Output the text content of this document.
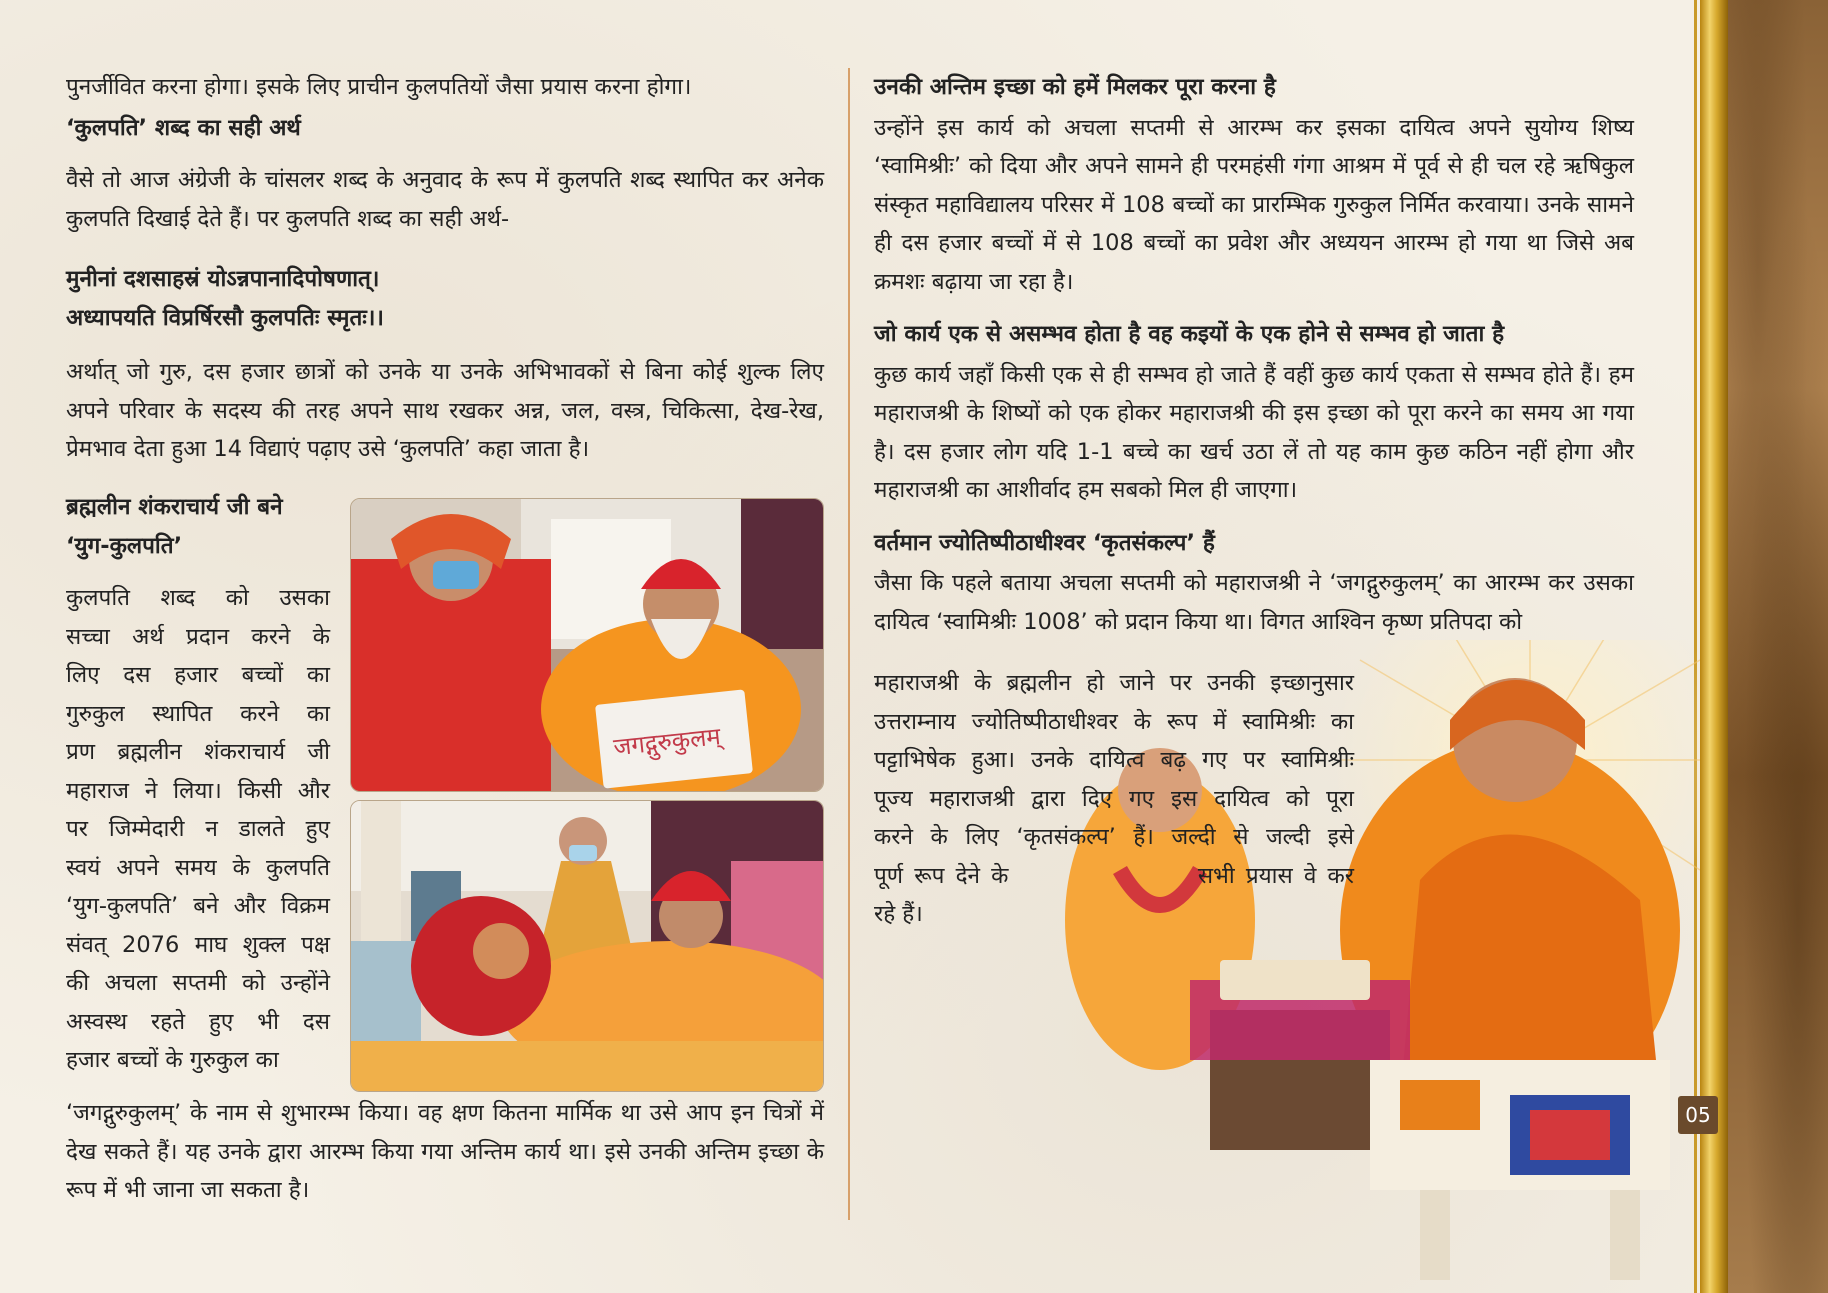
पुनर्जीवित करना होगा। इसके लिए प्राचीन कुलपतियों जैसा प्रयास करना होगा।

‘कुलपति’ शब्द का सही अर्थ

वैसे तो आज अंग्रेजी के चांसलर शब्द के अनुवाद के रूप में कुलपति शब्द स्थापित कर अनेक कुलपति दिखाई देते हैं। पर कुलपति शब्द का सही अर्थ-

मुनीनां दशसाहस्रं योऽन्नपानादिपोषणात्।

अध्यापयति विप्रर्षिरसौ कुलपतिः स्मृतः।।

अर्थात् जो गुरु, दस हजार छात्रों को उनके या उनके अभिभावकों से बिना कोई शुल्क लिए अपने परिवार के सदस्य की तरह अपने साथ रखकर अन्न, जल, वस्त्र, चिकित्सा, देख-रेख, प्रेमभाव देता हुआ 14 विद्याएं पढ़ाए उसे ‘कुलपति’ कहा जाता है।

ब्रह्मलीन शंकराचार्य जी बने

‘युग-कुलपति’

कुलपति शब्द को उसका
सच्चा अर्थ प्रदान करने के
लिए दस हजार बच्चों का
गुरुकुल स्थापित करने का
प्रण ब्रह्मलीन शंकराचार्य जी
महाराज ने लिया। किसी और
पर जिम्मेदारी न डालते हुए
स्वयं अपने समय के कुलपति
‘युग-कुलपति’ बने और विक्रम
संवत् 2076 माघ शुक्ल पक्ष
की अचला सप्तमी को उन्होंने
अस्वस्थ रहते हुए भी दस
हजार बच्चों के गुरुकुल का
जगद्गुरुकुलम्
‘जगद्गुरुकुलम्’ के नाम से शुभारम्भ किया। वह क्षण कितना मार्मिक था उसे आप इन चित्रों में देख सकते हैं। यह उनके द्वारा आरम्भ किया गया अन्तिम कार्य था। इसे उनकी अन्तिम इच्छा के रूप में भी जाना जा सकता है।

उनकी अन्तिम इच्छा को हमें मिलकर पूरा करना है

उन्होंने इस कार्य को अचला सप्तमी से आरम्भ कर इसका दायित्व अपने सुयोग्य शिष्य ‘स्वामिश्रीः’ को दिया और अपने सामने ही परमहंसी गंगा आश्रम में पूर्व से ही चल रहे ऋषिकुल संस्कृत महाविद्यालय परिसर में 108 बच्चों का प्रारम्भिक गुरुकुल निर्मित करवाया। उनके सामने ही दस हजार बच्चों में से 108 बच्चों का प्रवेश और अध्ययन आरम्भ हो गया था जिसे अब क्रमशः बढ़ाया जा रहा है।

जो कार्य एक से असम्भव होता है वह कइयों के एक होने से सम्भव हो जाता है

कुछ कार्य जहाँ किसी एक से ही सम्भव हो जाते हैं वहीं कुछ कार्य एकता से सम्भव होते हैं। हम महाराजश्री के शिष्यों को एक होकर महाराजश्री की इस इच्छा को पूरा करने का समय आ गया है। दस हजार लोग यदि 1-1 बच्चे का खर्च उठा लें तो यह काम कुछ कठिन नहीं होगा और महाराजश्री का आशीर्वाद हम सबको मिल ही जाएगा।

वर्तमान ज्योतिष्पीठाधीश्वर ‘कृतसंकल्प’ हैं

जैसा कि पहले बताया अचला सप्तमी को महाराजश्री ने ‘जगद्गुरुकुलम्’ का आरम्भ कर उसका दायित्व ‘स्वामिश्रीः 1008’ को प्रदान किया था। विगत आश्विन कृष्ण प्रतिपदा को

महाराजश्री के ब्रह्मलीन हो जाने पर उनकी इच्छानुसार
उत्तराम्नाय ज्योतिष्पीठाधीश्वर के रूप में स्वामिश्रीः का
पट्टाभिषेक हुआ। उनके दायित्व बढ़ गए पर स्वामिश्रीः
पूज्य महाराजश्री द्वारा दिए गए इस दायित्व को पूरा
करने के लिए ‘कृतसंकल्प’ हैं। जल्दी से जल्दी इसे
पूर्ण रूप देने के                 सभी प्रयास वे कर
रहे हैं।
05
